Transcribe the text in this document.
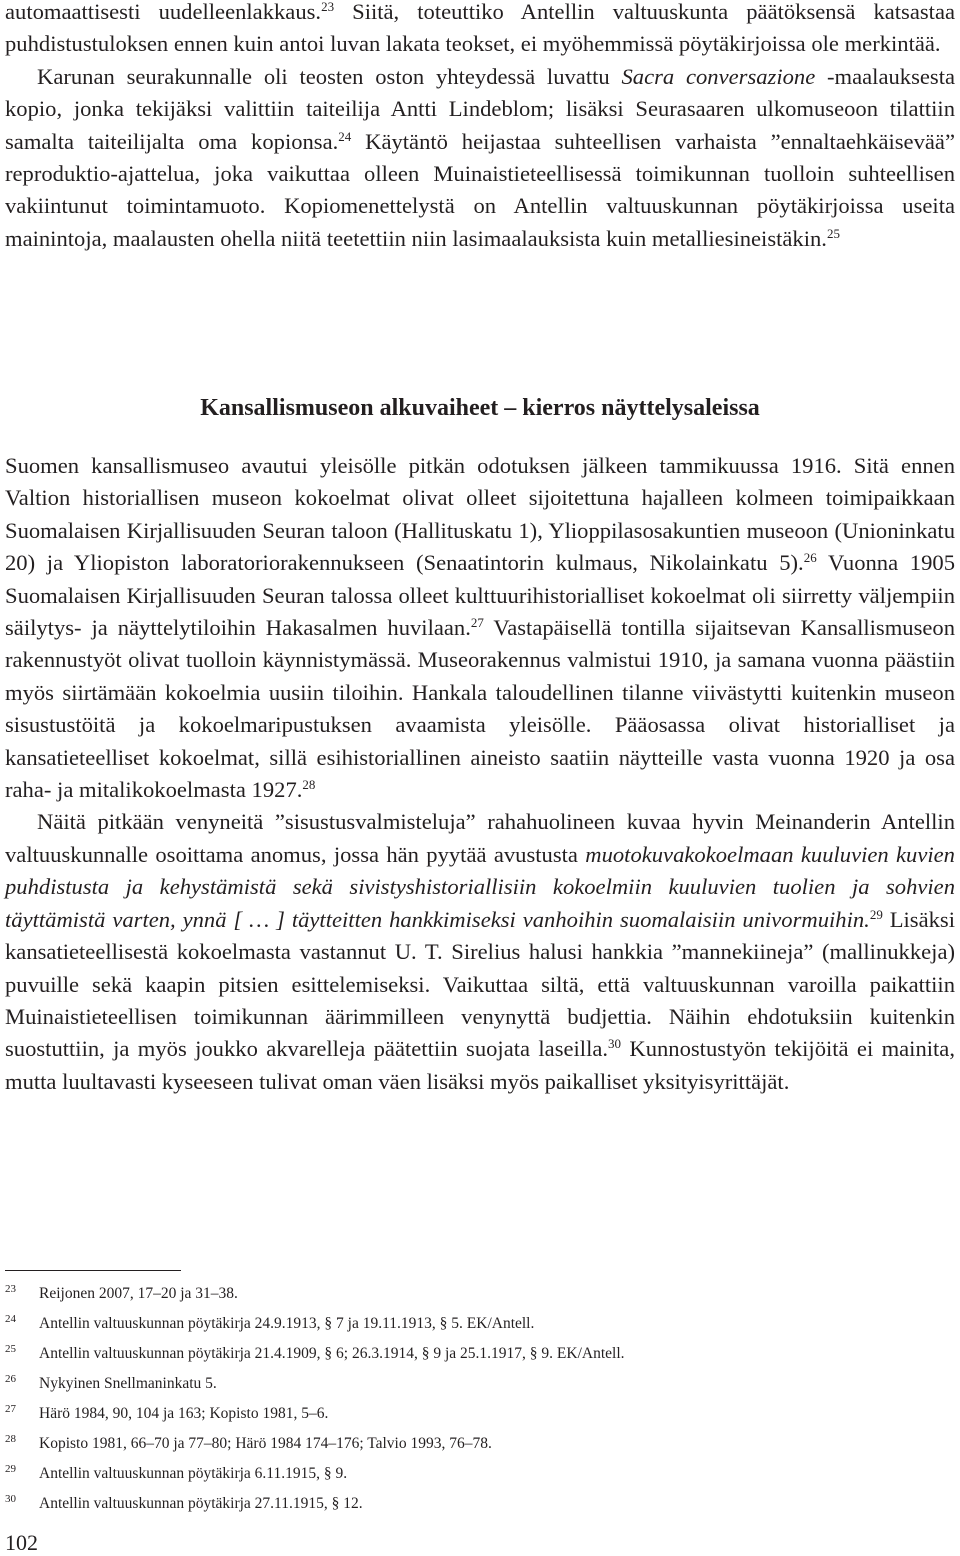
automaattisesti uudelleenlakkaus.$^{23}$ Siitä, toteuttiko Antellin valtuuskunta päätöksensä katsastaa puhdistustuloksen ennen kuin antoi luvan lakata teokset, ei myöhemmissä pöytäkirjoissa ole merkintää.
Karunan seurakunnalle oli teosten oston yhteydessä luvattu Sacra conversazione -maalauksesta kopio, jonka tekijäksi valittiin taiteilija Antti Lindeblom; lisäksi Seurasaaren ulkomuseoon tilattiin samalta taiteilijalta oma kopionsa.$^{24}$ Käytäntö heijastaa suhteellisen varhaista ”ennaltaehkäisevää” reproduktio-ajattelua, joka vaikuttaa olleen Muinaistieteellisessä toimikunnan tuolloin suhteellisen vakiintunut toimintamuoto. Kopiomenettelystä on Antellin valtuuskunnan pöytäkirjoissa useita mainintoja, maalausten ohella niitä teetettiin niin lasimaalauksista kuin metalliesineistäkin.$^{25}$

Kansallismuseon alkuvaiheet – kierros näyttelysaleissa

Suomen kansallismuseo avautui yleisölle pitkän odotuksen jälkeen tammikuussa 1916. Sitä ennen Valtion historiallisen museon kokoelmat olivat olleet sijoitettuna hajalleen kolmeen toimipaikkaan Suomalaisen Kirjallisuuden Seuran taloon (Hallituskatu 1), Ylioppilasosakuntien museoon (Unioninkatu 20) ja Yliopiston laboratoriorakennukseen (Senaatintorin kulmaus, Nikolainkatu 5).$^{26}$ Vuonna 1905 Suomalaisen Kirjallisuuden Seuran talossa olleet kulttuurihistorialliset kokoelmat oli siirretty väljempiin säilytys- ja näyttelytiloihin Hakasalmen huvilaan.$^{27}$ Vastapäisellä tontilla sijaitsevan Kansallismuseon rakennustyöt olivat tuolloin käynnistymässä. Museorakennus valmistui 1910, ja samana vuonna päästiin myös siirtämään kokoelmia uusiin tiloihin. Hankala taloudellinen tilanne viivästytti kuitenkin museon sisustustöitä ja kokoelmaripustuksen avaamista yleisölle. Pääosassa olivat historialliset ja kansatieteelliset kokoelmat, sillä esihistoriallinen aineisto saatiin näytteille vasta vuonna 1920 ja osa raha- ja mitalikokoelmasta 1927.28
Näitä pitkään venyneitä ”sisustusvalmisteluja” rahahuolineen kuvaa hyvin Meinanderin Antellin valtuuskunnalle osoittama anomus, jossa hän pyytää avustusta muotokuvakokoelmaan kuuluvien kuvien puhdistusta ja kehystämistä sekä sivistyshistoriallisiin kokoelmiin kuuluvien tuolien ja sohvien täyttämistä varten, ynnä [ … ] täytteitten hankkimiseksi vanhoihin suomalaisiin univormuihin.$^{29}$ Lisäksi kansatieteellisestä kokoelmasta vastannut U. T. Sirelius halusi hankkia ”mannekiineja” (mallinukkeja) puvuille sekä kaapin pitsien esittelemiseksi. Vaikuttaa siltä, että valtuuskunnan varoilla paikattiin Muinaistieteellisen toimikunnan äärimmilleen venynyttä budjettia. Näihin ehdotuksiin kuitenkin suostuttiin, ja myös joukko akvarelleja päätettiin suojata laseilla.$^{30}$ Kunnostustyön tekijöitä ei mainita, mutta luultavasti kyseeseen tulivat oman väen lisäksi myös paikalliset yksityisyrittäjät.

23 Reijonen 2007, 17–20 ja 31–38.
24 Antellin valtuuskunnan pöytäkirja 24.9.1913, § 7 ja 19.11.1913, § 5. EK/Antell.
25 Antellin valtuuskunnan pöytäkirja 21.4.1909, § 6; 26.3.1914, § 9 ja 25.1.1917, § 9. EK/Antell.
26 Nykyinen Snellmaninkatu 5.
27 Härö 1984, 90, 104 ja 163; Kopisto 1981, 5–6.
28 Kopisto 1981, 66–70 ja 77–80; Härö 1984 174–176; Talvio 1993, 76–78.
29 Antellin valtuuskunnan pöytäkirja 6.11.1915, § 9.
30 Antellin valtuuskunnan pöytäkirja 27.11.1915, § 12.
102
